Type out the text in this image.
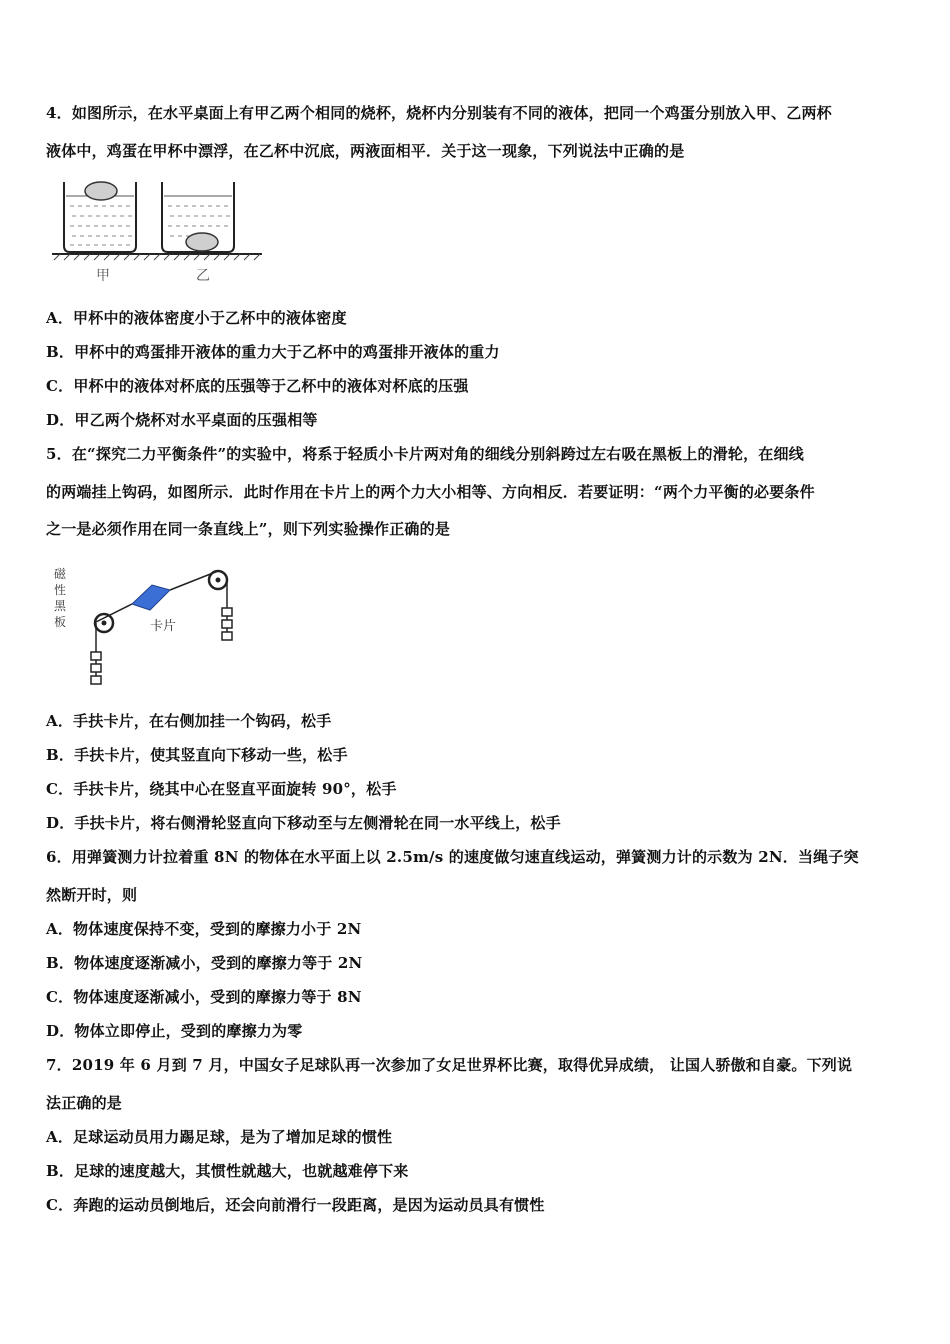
4．如图所示，在水平桌面上有甲乙两个相同的烧杯，烧杯内分别装有不同的液体，把同一个鸡蛋分别放入甲、乙两杯
液体中，鸡蛋在甲杯中漂浮，在乙杯中沉底，两液面相平．关于这一现象，下列说法中正确的是
甲	乙
A．甲杯中的液体密度小于乙杯中的液体密度
B．甲杯中的鸡蛋排开液体的重力大于乙杯中的鸡蛋排开液体的重力
C．甲杯中的液体对杯底的压强等于乙杯中的液体对杯底的压强
D．甲乙两个烧杯对水平桌面的压强相等
5．在“探究二力平衡条件”的实验中，将系于轻质小卡片两对角的细线分别斜跨过左右吸在黑板上的滑轮，在细线
的两端挂上钩码，如图所示．此时作用在卡片上的两个力大小相等、方向相反．若要证明：“两个力平衡的必要条件
之一是必须作用在同一条直线上”，则下列实验操作正确的是
磁
性
黑
板	卡片
A．手扶卡片，在右侧加挂一个钩码，松手
B．手扶卡片，使其竖直向下移动一些，松手
C．手扶卡片，绕其中心在竖直平面旋转 90°，松手
D．手扶卡片，将右侧滑轮竖直向下移动至与左侧滑轮在同一水平线上，松手
6．用弹簧测力计拉着重 8N 的物体在水平面上以 2.5m/s 的速度做匀速直线运动，弹簧测力计的示数为 2N．当绳子突
然断开时，则
A．物体速度保持不变，受到的摩擦力小于 2N
B．物体速度逐渐减小，受到的摩擦力等于 2N
C．物体速度逐渐减小，受到的摩擦力等于 8N
D．物体立即停止，受到的摩擦力为零
7．2019 年 6 月到 7 月，中国女子足球队再一次参加了女足世界杯比赛，取得优异成绩， 让国人骄傲和自豪。下列说
法正确的是
A．足球运动员用力踢足球，是为了增加足球的惯性
B．足球的速度越大，其惯性就越大，也就越难停下来
C．奔跑的运动员倒地后，还会向前滑行一段距离，是因为运动员具有惯性
